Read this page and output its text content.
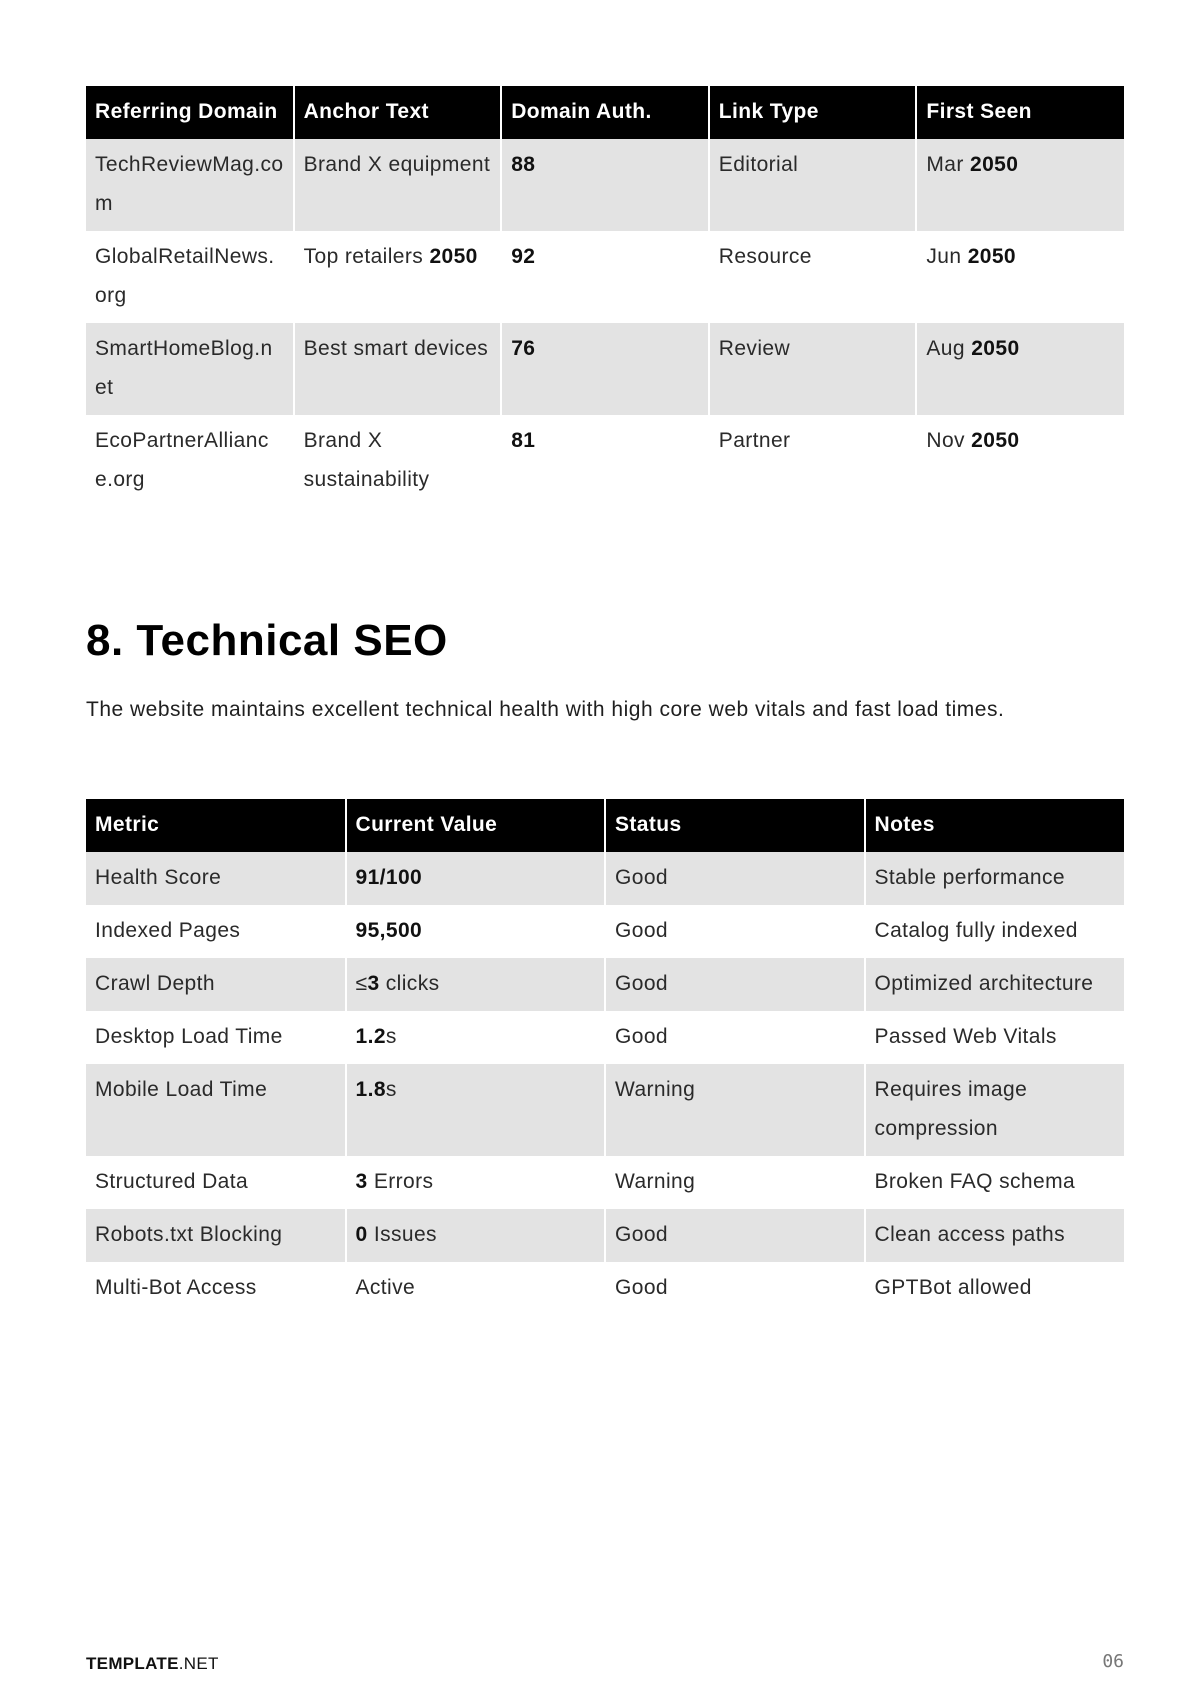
Referring Domain	Anchor Text	Domain Auth.	Link Type	First Seen
TechReviewMag.com	Brand X equipment	88	Editorial	Mar 2050
GlobalRetailNews.org	Top retailers 2050	92	Resource	Jun 2050
SmartHomeBlog.net	Best smart devices	76	Review	Aug 2050
EcoPartnerAlliance.org	Brand X sustainability	81	Partner	Nov 2050
8. Technical SEO

The website maintains excellent technical health with high core web vitals and fast load times.

Metric	Current Value	Status	Notes
Health Score	91/100	Good	Stable performance
Indexed Pages	95,500	Good	Catalog fully indexed
Crawl Depth	≤3 clicks	Good	Optimized architecture
Desktop Load Time	1.2s	Good	Passed Web Vitals
Mobile Load Time	1.8s	Warning	Requires image compression
Structured Data	3 Errors	Warning	Broken FAQ schema
Robots.txt Blocking	0 Issues	Good	Clean access paths
Multi-Bot Access	Active	Good	GPTBot allowed
TEMPLATE.NET	06
